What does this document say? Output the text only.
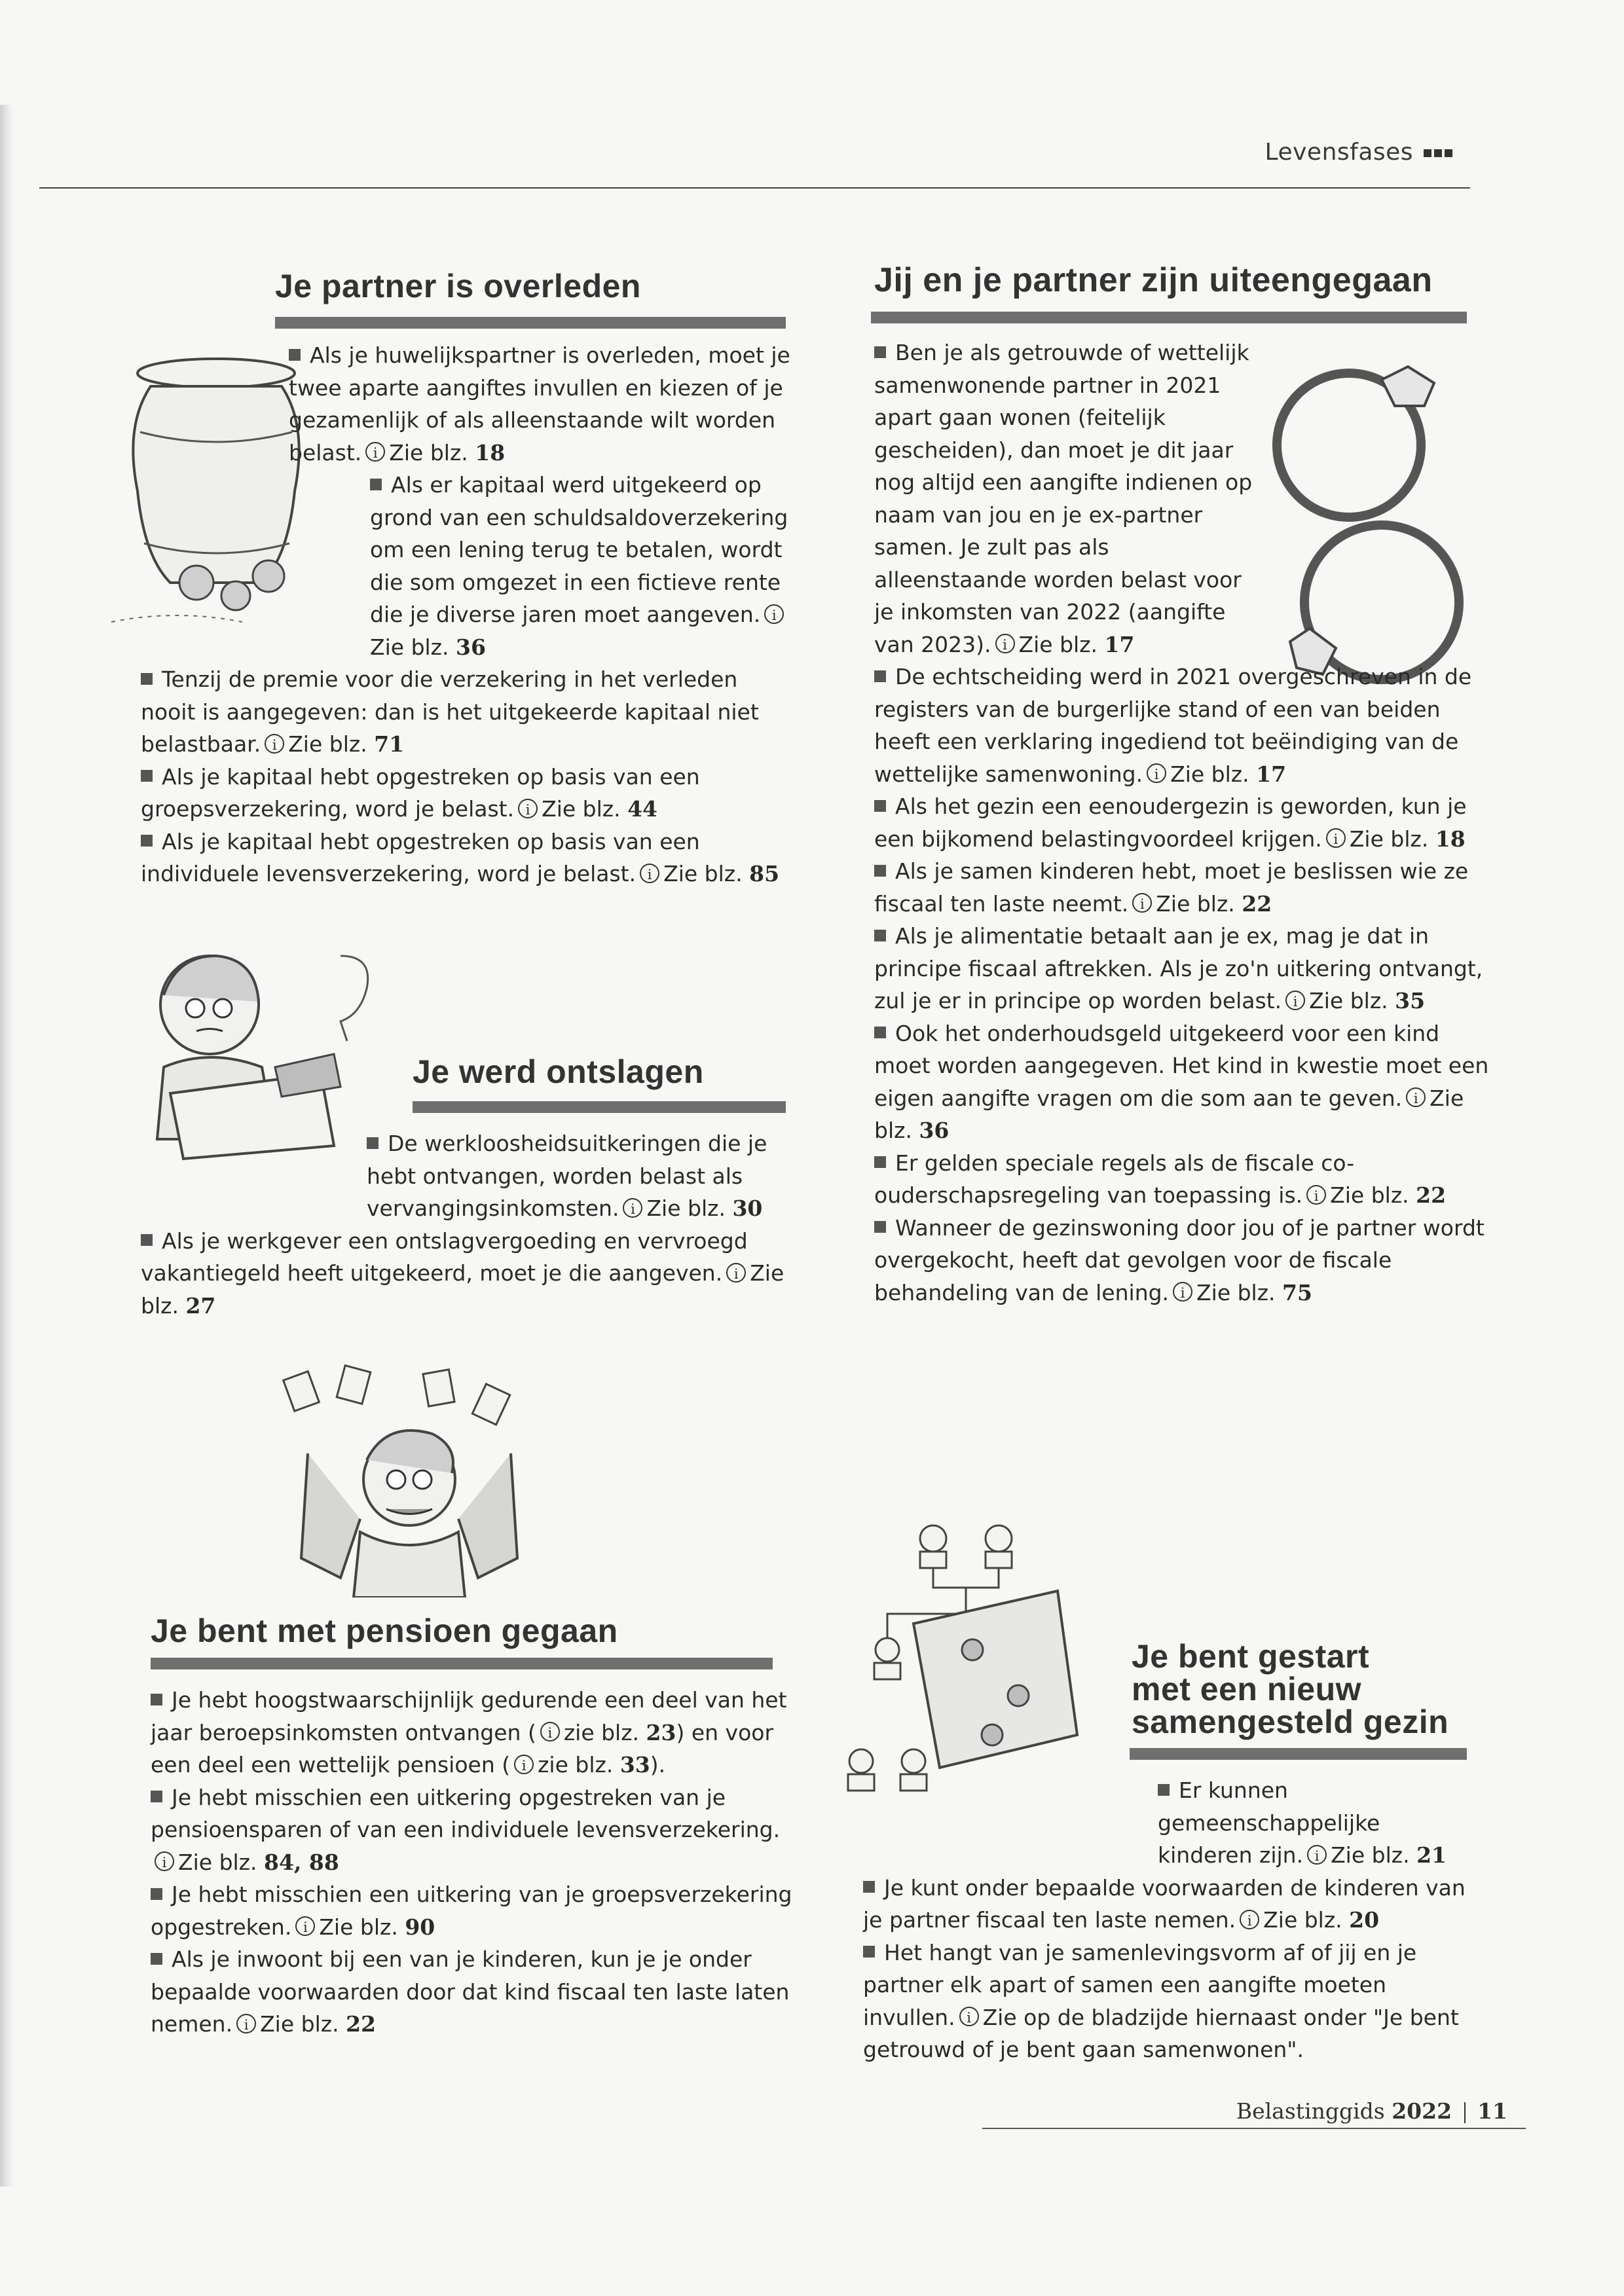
Levensfases
Je partner is overleden

Als je huwelijkspartner is overleden, moet je twee aparte aangiftes invullen en kiezen of je gezamenlijk of als alleenstaande wilt worden belast. i Zie blz. 18

Als er kapitaal werd uitgekeerd op grond van een schuldsaldoverzekering om een lening terug te betalen, wordt die som omgezet in een fictieve rente die je diverse jaren moet aangeven. iZie blz. 36

Tenzij de premie voor die verzekering in het verleden nooit is aangegeven: dan is het uitgekeerde kapitaal niet belastbaar. i Zie blz. 71

Als je kapitaal hebt opgestreken op basis van een groepsverzekering, word je belast. i Zie blz. 44

Als je kapitaal hebt opgestreken op basis van een individuele levensverzekering, word je belast. i Zie blz. 85

Je werd ontslagen

De werkloosheidsuitkeringen die je hebt ontvangen, worden belast als vervangingsinkomsten. i Zie blz. 30

Als je werkgever een ontslagvergoeding en vervroegd vakantiegeld heeft uitgekeerd, moet je die aangeven. i Zie blz. 27

Je bent met pensioen gegaan

Je hebt hoogstwaarschijnlijk gedurende een deel van het jaar beroepsinkomsten ontvangen ( i zie blz. 23) en voor een deel een wettelijk pensioen ( i zie blz. 33).

Je hebt misschien een uitkering opgestreken van je pensioensparen of van een individuele levensverzekering.i Zie blz. 84, 88

Je hebt misschien een uitkering van je groepsverzekering opgestreken. i Zie blz. 90

Als je inwoont bij een van je kinderen, kun je je onder bepaalde voorwaarden door dat kind fiscaal ten laste laten nemen. i Zie blz. 22

Jij en je partner zijn uiteengegaan

Ben je als getrouwde of wettelijk samenwonende partner in 2021 apart gaan wonen (feitelijk gescheiden), dan moet je dit jaar nog altijd een aangifte indienen op naam van jou en je ex-partner samen. Je zult pas als alleenstaande worden belast voor je inkomsten van 2022 (aangifte van 2023). i Zie blz. 17

De echtscheiding werd in 2021 overgeschreven in de registers van de burgerlijke stand of een van beiden heeft een verklaring ingediend tot beëindiging van de wettelijke samenwoning. i Zie blz. 17

Als het gezin een eenoudergezin is geworden, kun je een bijkomend belastingvoordeel krijgen. i Zie blz. 18

Als je samen kinderen hebt, moet je beslissen wie ze fiscaal ten laste neemt. i Zie blz. 22

Als je alimentatie betaalt aan je ex, mag je dat in principe fiscaal aftrekken. Als je zo'n uitkering ontvangt, zul je er in principe op worden belast. i Zie blz. 35

Ook het onderhoudsgeld uitgekeerd voor een kind moet worden aangegeven. Het kind in kwestie moet een eigen aangifte vragen om die som aan te geven. i Zie blz. 36

Er gelden speciale regels als de fiscale co-ouderschapsregeling van toepassing is. i Zie blz. 22

Wanneer de gezinswoning door jou of je partner wordt overgekocht, heeft dat gevolgen voor de fiscale behandeling van de lening. i Zie blz. 75

Je bent gestart
met een nieuw
samengesteld gezin

Er kunnen gemeenschappelijke kinderen zijn. i Zie blz. 21

Je kunt onder bepaalde voorwaarden de kinderen van je partner fiscaal ten laste nemen. i Zie blz. 20

Het hangt van je samenlevingsvorm af of jij en je partner elk apart of samen een aangifte moeten invullen. i Zie op de bladzijde hiernaast onder "Je bent getrouwd of je bent gaan samenwonen".

Belastinggids 2022 11
